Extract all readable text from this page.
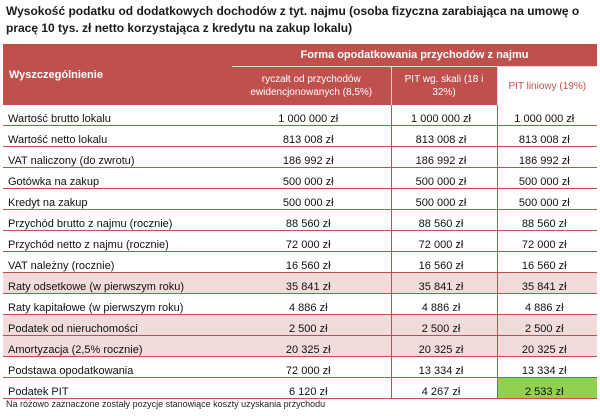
Wysokość podatku od dodatkowych dochodów z tyt. najmu (osoba fizyczna zarabiająca na umowę o pracę 10 tys. zł netto korzystająca z kredytu na zakup lokalu)
Wyszczególnienie	Forma opodatkowania przychodów z najmu		
	ryczałt od przychodów ewidencjonowanych (8,5%)	PIT wg. skali (18 i 32%)	PIT liniowy (19%)
Wartość brutto lokalu	1 000 000 zł	1 000 000 zł	1 000 000 zł
Wartość netto lokalu	813 008 zł	813 008 zł	813 008 zł
VAT naliczony (do zwrotu)	186 992 zł	186 992 zł	186 992 zł
Gotówka na zakup	500 000 zł	500 000 zł	500 000 zł
Kredyt na zakup	500 000 zł	500 000 zł	500 000 zł
Przychód brutto z najmu (rocznie)	88 560 zł	88 560 zł	88 560 zł
Przychód netto z najmu (rocznie)	72 000 zł	72 000 zł	72 000 zł
VAT należny (rocznie)	16 560 zł	16 560 zł	16 560 zł
Raty odsetkowe (w pierwszym roku)	35 841 zł	35 841 zł	35 841 zł
Raty kapitałowe (w pierwszym roku)	4 886 zł	4 886 zł	4 886 zł
Podatek od nieruchomości	2 500 zł	2 500 zł	2 500 zł
Amortyzacja (2,5% rocznie)	20 325 zł	20 325 zł	20 325 zł
Podstawa opodatkowania	72 000 zł	13 334 zł	13 334 zł
Podatek PIT	6 120 zł	4 267 zł	2 533 zł
Na różowo zaznaczone zostały pozycje stanowiące koszty uzyskania przychodu
